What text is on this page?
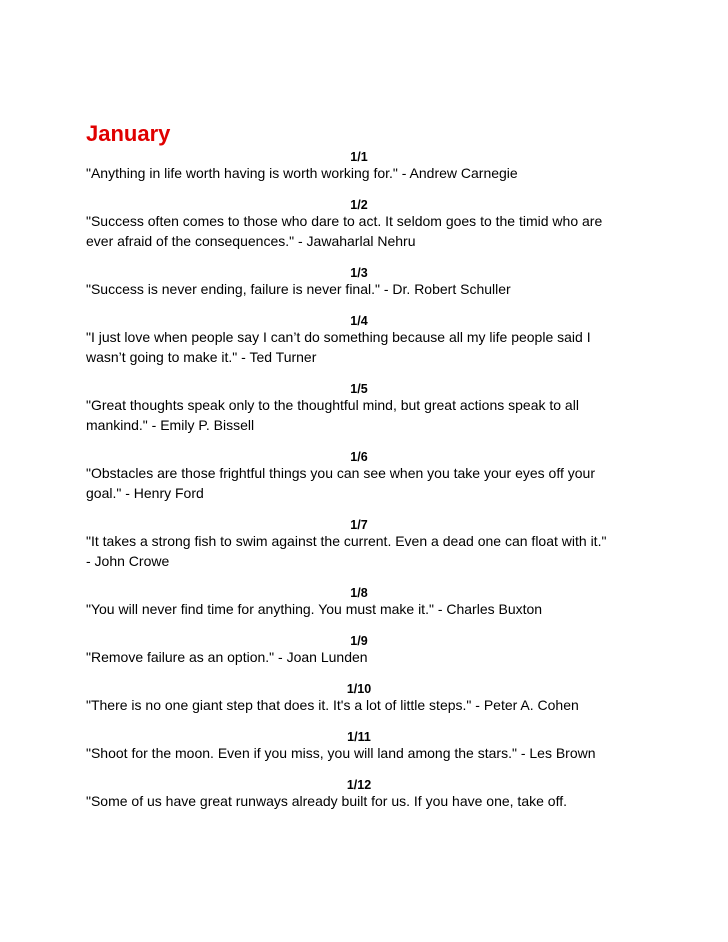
January
1/1
"Anything in life worth having is worth working for." - Andrew Carnegie
1/2
"Success often comes to those who dare to act. It seldom goes to the timid who are ever afraid of the consequences." - Jawaharlal Nehru
1/3
"Success is never ending, failure is never final." - Dr. Robert Schuller
1/4
"I just love when people say I can’t do something because all my life people said I wasn’t going to make it." - Ted Turner
1/5
"Great thoughts speak only to the thoughtful mind, but great actions speak to all mankind." - Emily P. Bissell
1/6
"Obstacles are those frightful things you can see when you take your eyes off your goal." - Henry Ford
1/7
"It takes a strong fish to swim against the current. Even a dead one can float with it." - John Crowe
1/8
"You will never find time for anything. You must make it." - Charles Buxton
1/9
"Remove failure as an option." - Joan Lunden
1/10
"There is no one giant step that does it. It's a lot of little steps." - Peter A. Cohen
1/11
"Shoot for the moon. Even if you miss, you will land among the stars." - Les Brown
1/12
"Some of us have great runways already built for us. If you have one, take off.
